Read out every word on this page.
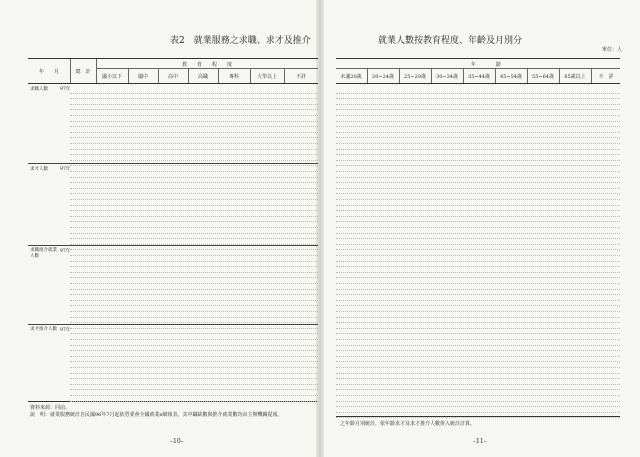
表2　就業服務之求職、求才及推介	就業人數按教育程度、年齡及月別分
單位：人
年　　月	總　計
教　　育　　程　　度
國小以下	國中	高中	高職	專科	大學以上	不詳
求職人數	97年
求才人數	97年
求職推介就業人數
97年
求才推介人數 97年
資料來源：同前。
說　明：就業服務統計自民國96年7月起依勞委會全國就業e網報表，其中職缺數與推介就業數均由主辦機關提報。
年　　　　齡
未滿20歲	20~24歲	25~29歲	30~34歲	35~44歲	45~54歲	55~64歲	65歲以上	不　詳
之年齡月別統計，依年齡求才及求才推介人數併入統計計算。
–10–	–11–
